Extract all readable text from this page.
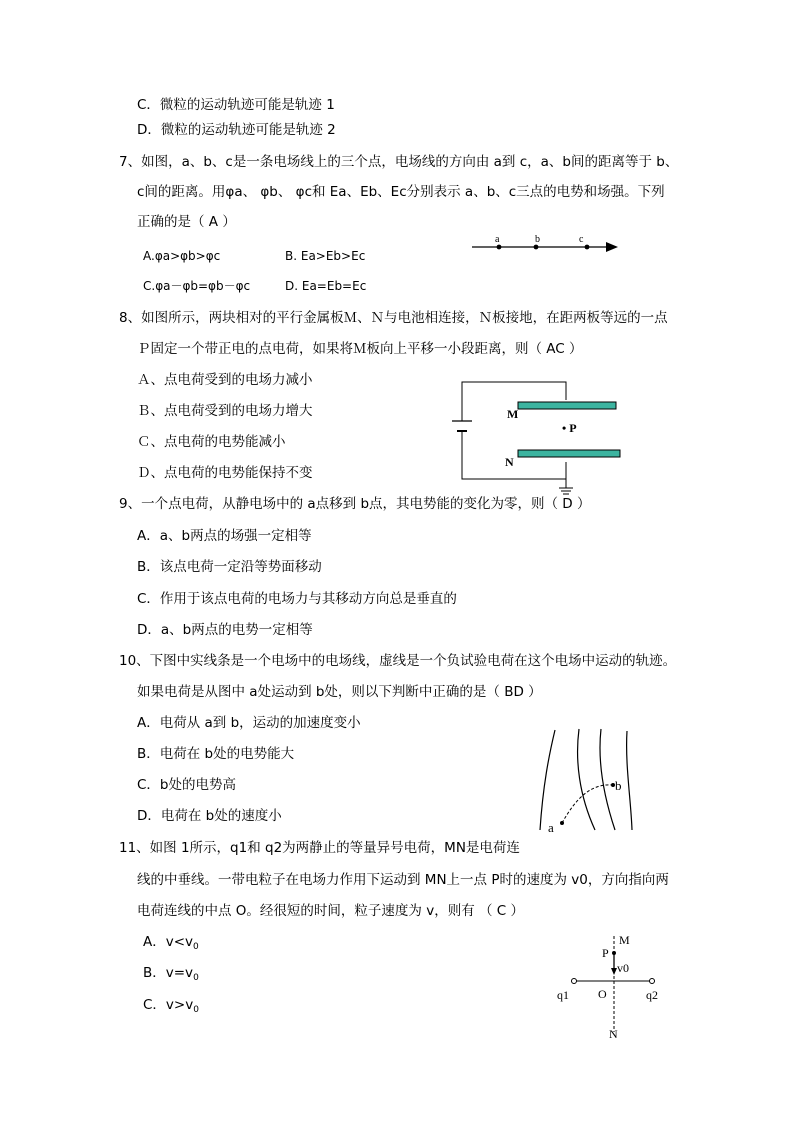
C．微粒的运动轨迹可能是轨迹 1
D．微粒的运动轨迹可能是轨迹 2
7、如图，a、b、c是一条电场线上的三个点，电场线的方向由 a到 c，a、b间的距离等于 b、
c间的距离。用φa、 φb、 φc和 Ea、Eb、Ec分别表示 a、b、c三点的电势和场强。下列
正确的是（ A ）
A.φa>φb>φc	B. Ea>Eb>Ec
C.φa－φb=φb－φc	D. Ea=Eb=Ec
a	b	c
8、如图所示，两块相对的平行金属板Ｍ、Ｎ与电池相连接，Ｎ板接地，在距两板等远的一点
Ｐ固定一个带正电的点电荷，如果将Ｍ板向上平移一小段距离，则（ AC ）
Ａ、点电荷受到的电场力减小
Ｂ、点电荷受到的电场力增大
Ｃ、点电荷的电势能减小
Ｄ、点电荷的电势能保持不变
M
N
• P
9、一个点电荷，从静电场中的 a点移到 b点，其电势能的变化为零，则（ D ）
A．a、b两点的场强一定相等
B．该点电荷一定沿等势面移动
C．作用于该点电荷的电场力与其移动方向总是垂直的
D．a、b两点的电势一定相等
10、下图中实线条是一个电场中的电场线，虚线是一个负试验电荷在这个电场中运动的轨迹。
如果电荷是从图中 a处运动到 b处，则以下判断中正确的是（ BD ）
A．电荷从 a到 b，运动的加速度变小
B．电荷在 b处的电势能大
C．b处的电势高
D．电荷在 b处的速度小
a
b
11、如图 1所示，q1和 q2为两静止的等量异号电荷，MN是电荷连
线的中垂线。一带电粒子在电场力作用下运动到 MN上一点 P时的速度为 v0，方向指向两
电荷连线的中点 O。经很短的时间，粒子速度为 v，则有 （ C ）
A．$v<v_0$
B．$v=v_0$
C．$v>v_0$
M
P
v0
O
q1	q2
N
